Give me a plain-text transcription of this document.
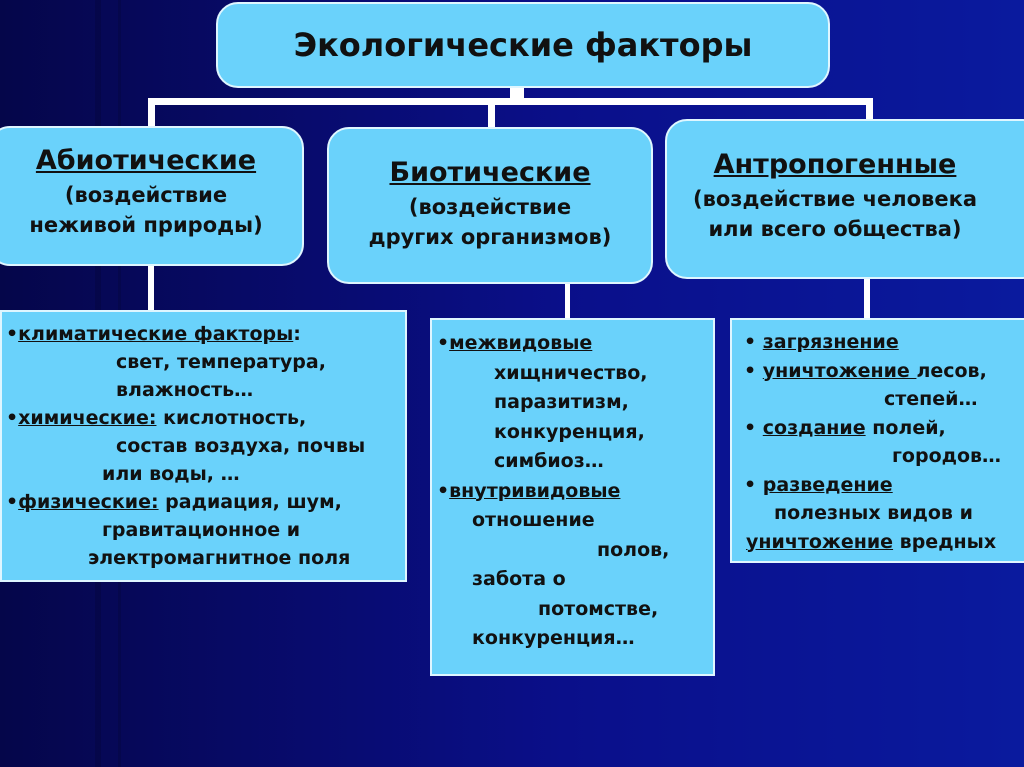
Экологические факторы
Абиотические
(воздействие
неживой природы)
Биотические
(воздействие
других организмов)
Антропогенные
(воздействие человека
или всего общества)
•климатические факторы:
свет, температура,
влажность…
•химические: кислотность,
состав воздуха, почвы
или воды, …
•физические: радиация, шум,
гравитационное и
электромагнитное поля
•межвидовые
хищничество,
паразитизм,
конкуренция,
симбиоз…
•внутривидовые
отношение
полов,
забота о
потомстве,
конкуренция…
• загрязнение
• уничтожение лесов,
степей…
• создание полей,
городов…
• разведение
полезных видов и
уничтожение вредных
